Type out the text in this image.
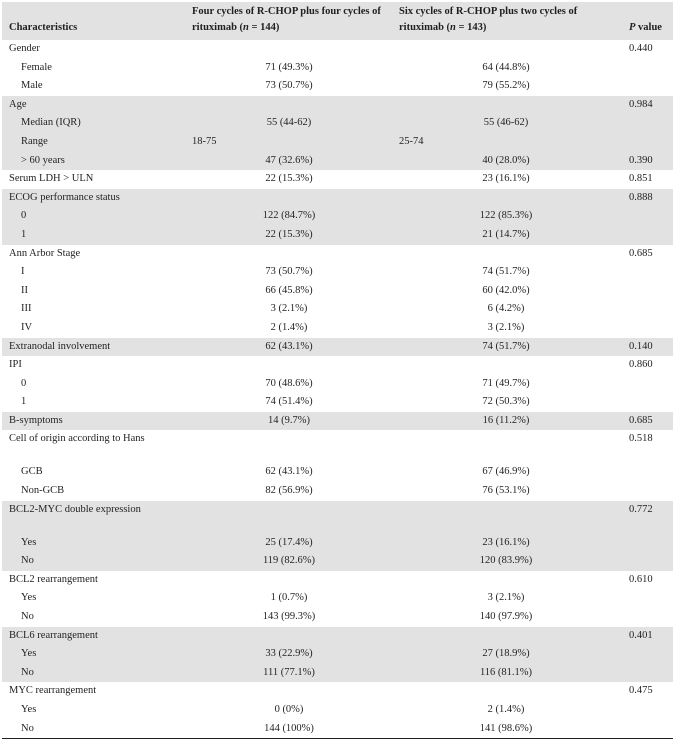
Characteristics	Four cycles of R-CHOP plus four cycles of rituximab (n = 144)	Six cycles of R-CHOP plus two cycles of rituximab (n = 143)	P value
Gender			0.440
Female	71 (49.3%)	64 (44.8%)	
Male	73 (50.7%)	79 (55.2%)	
Age			0.984
Median (IQR)	55 (44-62)	55 (46-62)	
Range	18-75	25-74	
> 60 years	47 (32.6%)	40 (28.0%)	0.390
Serum LDH > ULN	22 (15.3%)	23 (16.1%)	0.851
ECOG performance status			0.888
0	122 (84.7%)	122 (85.3%)	
1	22 (15.3%)	21 (14.7%)	
Ann Arbor Stage			0.685
I	73 (50.7%)	74 (51.7%)	
II	66 (45.8%)	60 (42.0%)	
III	3 (2.1%)	6 (4.2%)	
IV	2 (1.4%)	3 (2.1%)	
Extranodal involvement	62 (43.1%)	74 (51.7%)	0.140
IPI			0.860
0	70 (48.6%)	71 (49.7%)	
1	74 (51.4%)	72 (50.3%)	
B-symptoms	14 (9.7%)	16 (11.2%)	0.685
Cell of origin according to Hans			0.518
GCB	62 (43.1%)	67 (46.9%)	
Non-GCB	82 (56.9%)	76 (53.1%)	
BCL2-MYC double expression			0.772
Yes	25 (17.4%)	23 (16.1%)	
No	119 (82.6%)	120 (83.9%)	
BCL2 rearrangement			0.610
Yes	1 (0.7%)	3 (2.1%)	
No	143 (99.3%)	140 (97.9%)	
BCL6 rearrangement			0.401
Yes	33 (22.9%)	27 (18.9%)	
No	111 (77.1%)	116 (81.1%)	
MYC rearrangement			0.475
Yes	0 (0%)	2 (1.4%)	
No	144 (100%)	141 (98.6%)	
